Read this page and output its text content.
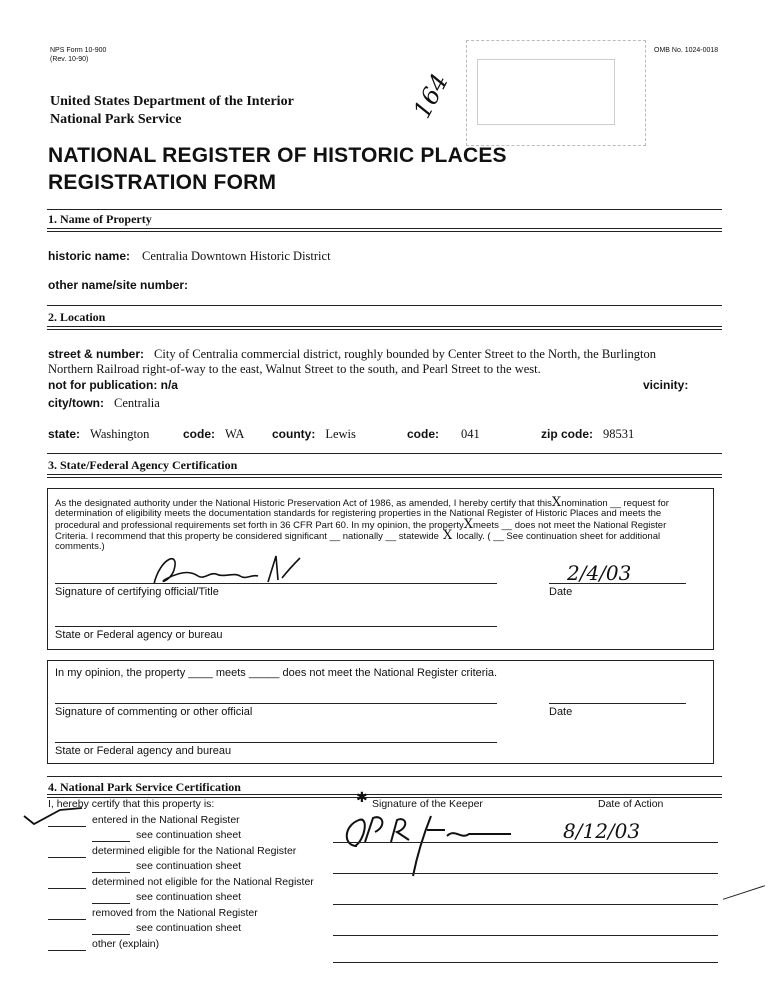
NPS Form 10-900
(Rev. 10-90)
OMB No. 1024-0018
United States Department of the Interior
National Park Service	164
NATIONAL REGISTER OF HISTORIC PLACES
REGISTRATION FORM
1. Name of Property
historic name: Centralia Downtown Historic District
other name/site number:
2. Location
street & number: City of Centralia commercial district, roughly bounded by Center Street to the North, the Burlington
Northern Railroad right-of-way to the east, Walnut Street to the south, and Pearl Street to the west.
not for publication: n/a	vicinity:
city/town: Centralia
state: Washington	code: WA county: Lewis	code: 041	zip code: 98531
3. State/Federal Agency Certification
As the designated authority under the National Historic Preservation Act of 1986, as amended, I hereby certify that thisXnomination __ request for
determination of eligibility meets the documentation standards for registering properties in the National Register of Historic Places and meets the
procedural and professional requirements set forth in 36 CFR Part 60. In my opinion, the propertyXmeets __ does not meet the National Register
Criteria. I recommend that this property be considered significant __ nationally __ statewide X locally. ( __ See continuation sheet for additional
comments.)
Signature of certifying official/Title
2/4/03
Date
State or Federal agency or bureau
In my opinion, the property ____ meets _____ does not meet the National Register criteria.
Signature of commenting or other official	Date
State or Federal agency and bureau
4. National Park Service Certification
I, hereby certify that this property is:	Signature of the Keeper	Date of Action
✱
entered in the National Register
see continuation sheet
determined eligible for the National Register
see continuation sheet
determined not eligible for the National Register
see continuation sheet
removed from the National Register
see continuation sheet
other (explain)
8/12/03
